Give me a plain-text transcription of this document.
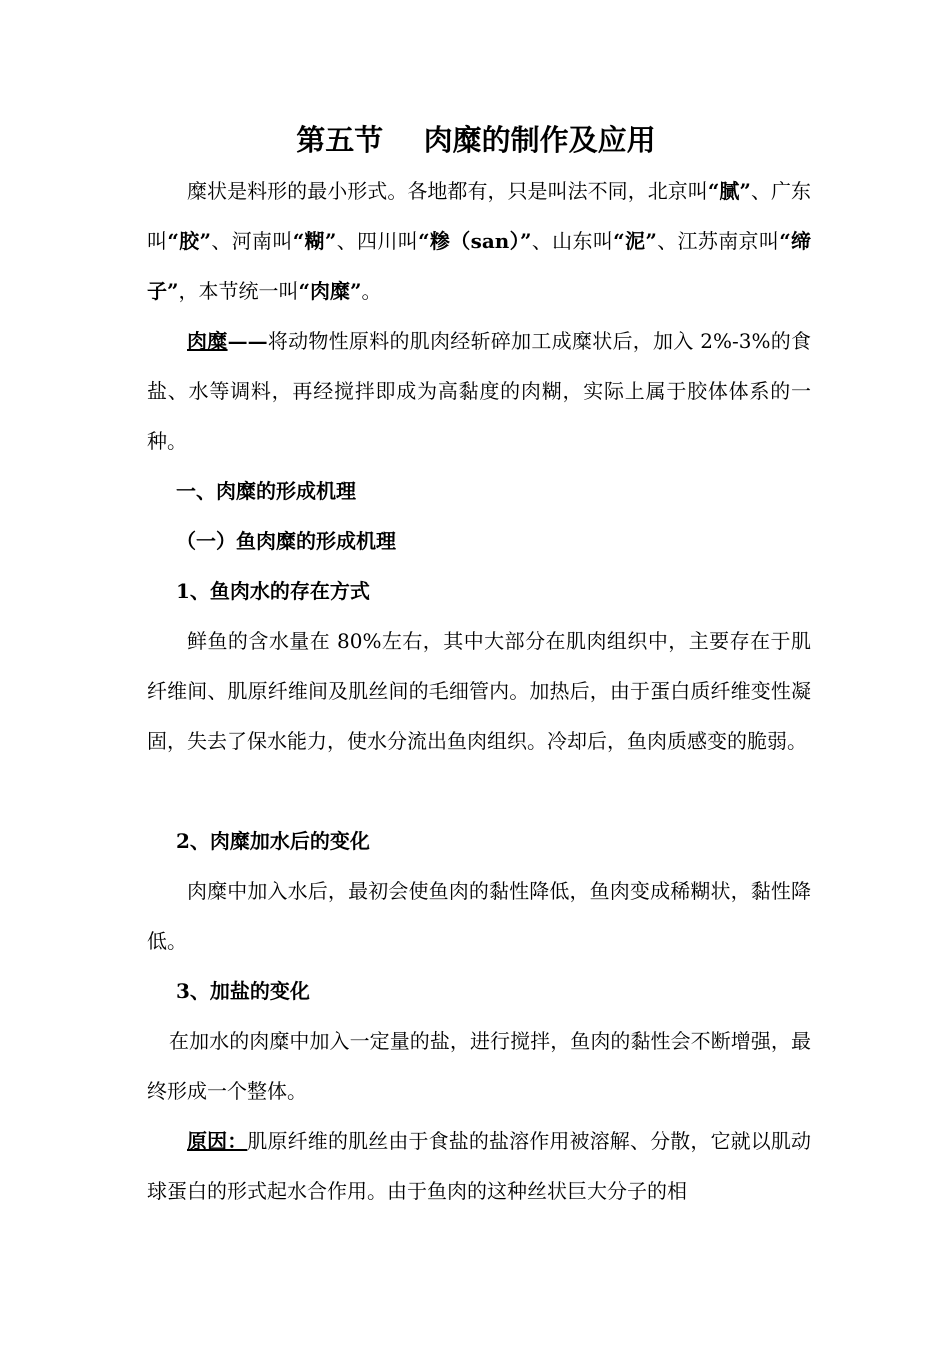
第五节    肉糜的制作及应用
糜状是料形的最小形式。各地都有，只是叫法不同，北京叫“腻”、广东叫“胶”、河南叫“糊”、四川叫“糁（san）”、山东叫“泥”、江苏南京叫“缔子”，本节统一叫“肉糜”。
肉糜——将动物性原料的肌肉经斩碎加工成糜状后，加入 2%-3%的食盐、水等调料，再经搅拌即成为高黏度的肉糊，实际上属于胶体体系的一种。
一、肉糜的形成机理
（一）鱼肉糜的形成机理
1、鱼肉水的存在方式
鲜鱼的含水量在 80%左右，其中大部分在肌肉组织中，主要存在于肌纤维间、肌原纤维间及肌丝间的毛细管内。加热后，由于蛋白质纤维变性凝固，失去了保水能力，使水分流出鱼肉组织。冷却后，鱼肉质感变的脆弱。
2、肉糜加水后的变化
肉糜中加入水后，最初会使鱼肉的黏性降低，鱼肉变成稀糊状，黏性降低。
3、加盐的变化
在加水的肉糜中加入一定量的盐，进行搅拌，鱼肉的黏性会不断增强，最终形成一个整体。
原因：肌原纤维的肌丝由于食盐的盐溶作用被溶解、分散，它就以肌动球蛋白的形式起水合作用。由于鱼肉的这种丝状巨大分子的相
